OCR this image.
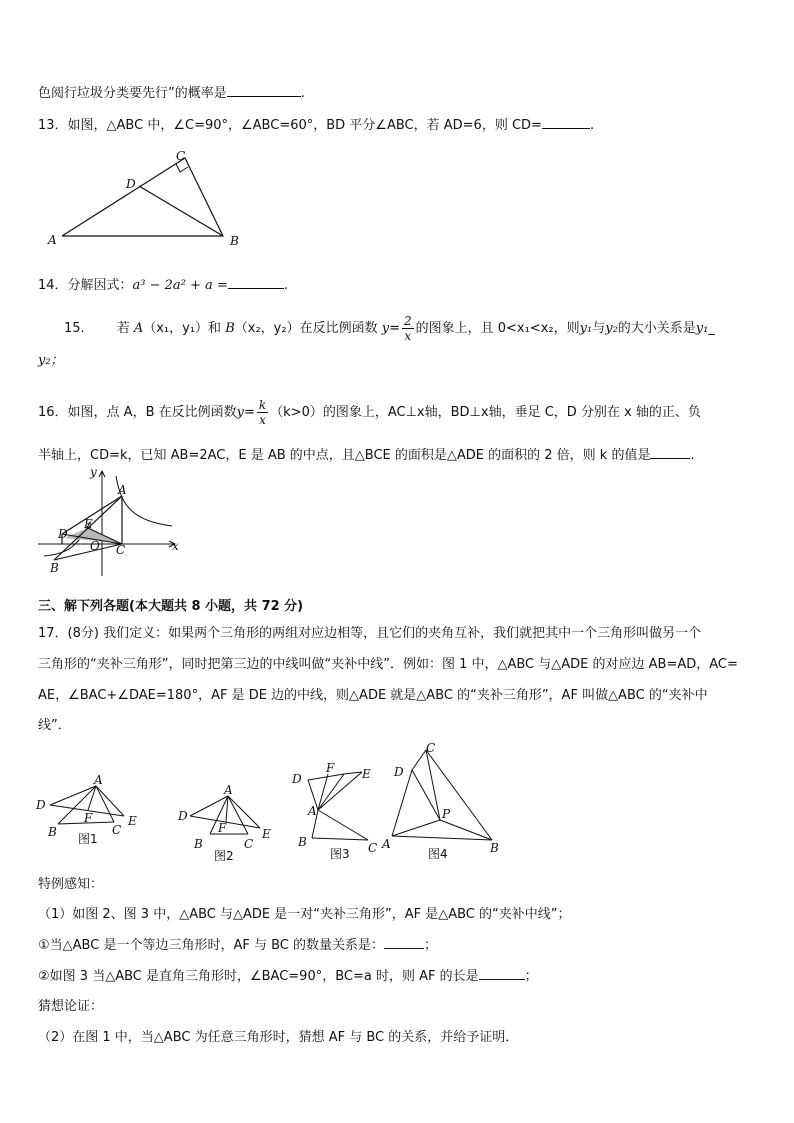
色阅行垃圾分类要先行”的概率是	.
13．如图，△ABC 中，∠C=90°，∠ABC=60°，BD 平分∠ABC，若 AD=6，则 CD=	.
C
D
A	B
14．分解因式：a³ − 2a² + a =	.
15. 若 A（x₁，y₁）和 B（x₂，y₂）在反比例函数 $y= \frac{2}{x}$ 的图象上，且 0<x₁<x₂，则y₁与y₂的大小关系是y₁_
y₂；
16．如图，点 A，B 在反比例函数$y= \frac{k}{x} (k>0)$的图象上，AC⊥x轴，BD⊥x轴，垂足 C，D 分别在 x 轴的正、负
半轴上，CD=k，已知 AB=2AC，E 是 AB 的中点，且△BCE 的面积是△ADE 的面积的 2 倍，则 k 的值是	.
y
x
A
E
D
O C
B
三、解下列各题(本大题共 8 小题，共 72 分)
17．(8分) 我们定义：如果两个三角形的两组对应边相等，且它们的夹角互补，我们就把其中一个三角形叫做另一个
三角形的“夹补三角形”，同时把第三边的中线叫做“夹补中线”．例如：图 1 中，△ABC 与△ADE 的对应边 AB=AD，AC=
AE，∠BAC+∠DAE=180°，AF 是 DE 边的中线，则△ADE 就是△ABC 的“夹补三角形”，AF 叫做△ABC 的“夹补中
线”．
A
D
F	E
B	C
图1
A
D
F	E
B	C
图2
F E
D
A
B	C
图3
C
D
P
A	B
图4
特例感知：
（1）如图 2、图 3 中，△ABC 与△ADE 是一对“夹补三角形”，AF 是△ABC 的“夹补中线”；
①当△ABC 是一个等边三角形时，AF 与 BC 的数量关系是：	；
②如图 3 当△ABC 是直角三角形时，∠BAC=90°，BC=a 时，则 AF 的长是	；
猜想论证：
（2）在图 1 中，当△ABC 为任意三角形时，猜想 AF 与 BC 的关系，并给予证明．
